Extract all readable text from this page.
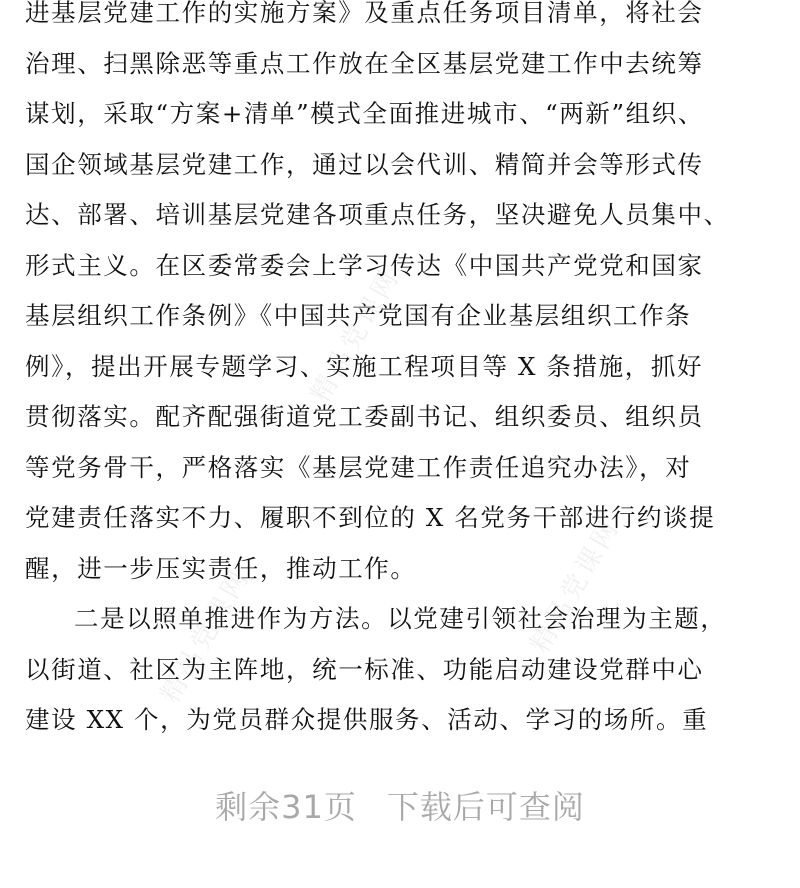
进基层党建工作的实施方案》及重点任务项目清单，将社会
治理、扫黑除恶等重点工作放在全区基层党建工作中去统筹
谋划，采取“方案+清单”模式全面推进城市、“两新”组织、
国企领域基层党建工作，通过以会代训、精简并会等形式传
达、部署、培训基层党建各项重点任务，坚决避免人员集中、
形式主义。在区委常委会上学习传达《中国共产党党和国家
基层组织工作条例》《中国共产党国有企业基层组织工作条
例》，提出开展专题学习、实施工程项目等 X 条措施，抓好
贯彻落实。配齐配强街道党工委副书记、组织委员、组织员
等党务骨干，严格落实《基层党建工作责任追究办法》，对
党建责任落实不力、履职不到位的 X 名党务干部进行约谈提
醒，进一步压实责任，推动工作。
二是以照单推进作为方法。以党建引领社会治理为主题，
以街道、社区为主阵地，统一标准、功能启动建设党群中心
建设 XX 个，为党员群众提供服务、活动、学习的场所。重
精品党课网
精品党课网	精品党课网
剩余31页 下载后可查阅
